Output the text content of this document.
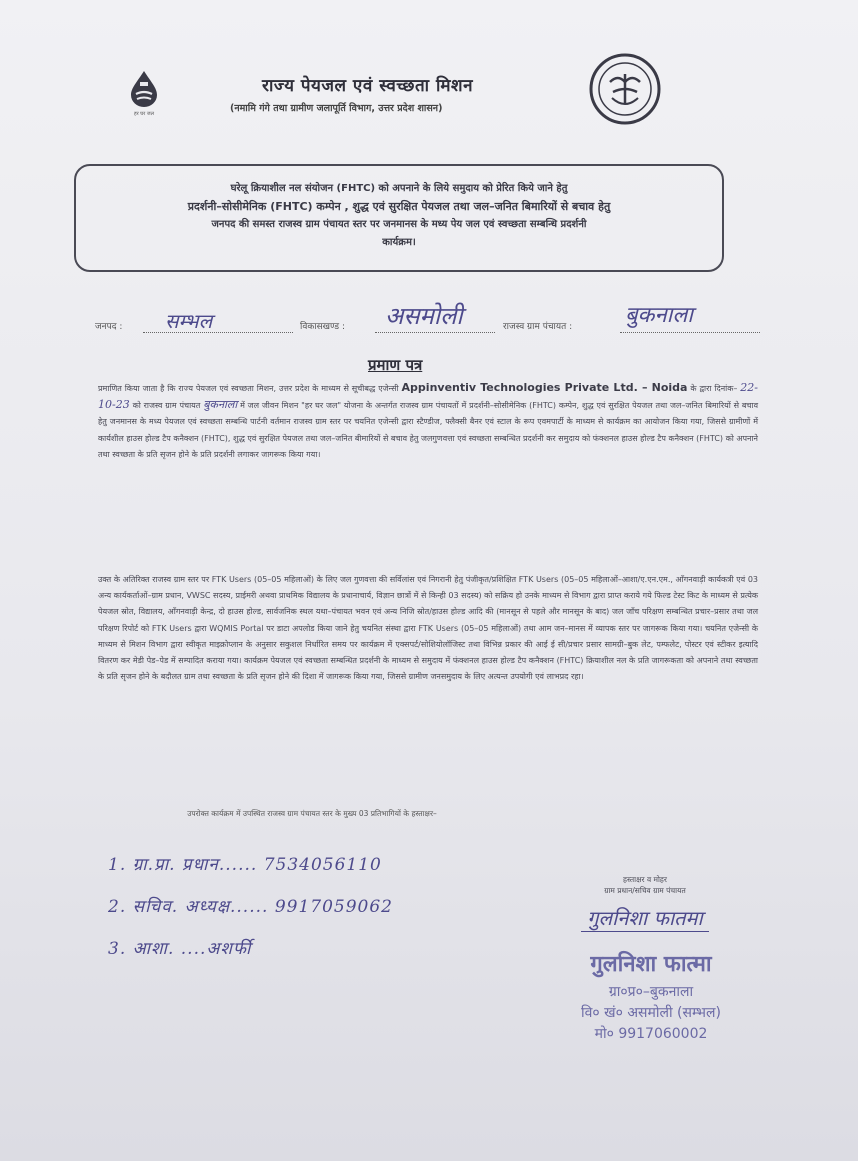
हर घर जल
राज्य पेयजल एवं स्वच्छता मिशन
(नमामि गंगे तथा ग्रामीण जलापूर्ति विभाग, उत्तर प्रदेश शासन)
घरेलू क्रियाशील नल संयोजन (FHTC) को अपनाने के लिये समुदाय को प्रेरित किये जाने हेतु
प्रदर्शनी–सोसीमेनिक (FHTC) कम्पेन , शुद्ध एवं सुरक्षित पेयजल तथा जल–जनित बिमारियों से बचाव हेतु
जनपद की समस्त राजस्व ग्राम पंचायत स्तर पर जनमानस के मध्य पेय जल एवं स्वच्छता सम्बन्धि प्रदर्शनी
कार्यक्रम।
जनपद : सम्भल	विकासखण्ड : असमोली	राजस्व ग्राम पंचायत : बुकनाला
प्रमाण पत्र
प्रमाणित किया जाता है कि राज्य पेयजल एवं स्वच्छता मिशन, उत्तर प्रदेश के माध्यम से सूचीबद्ध एजेन्सी Appinventiv Technologies Private Ltd. – Noida के द्वारा दिनांक– 22-10-23 को राजस्व ग्राम पंचायत बुकनाला में जल जीवन मिशन "हर घर जल" योजना के अन्तर्गत राजस्व ग्राम पंचायतों में प्रदर्शनी–सोसीमेनिक (FHTC) कम्पेन, शुद्ध एवं सुरक्षित पेयजल तथा जल–जनित बिमारियों से बचाव हेतु जनमानस के मध्य पेयजल एवं स्वच्छता सम्बन्धि पार्टनी वर्तमान राजस्व ग्राम स्तर पर चयनित एजेन्सी द्वारा स्टैण्डीज, फ्लैक्सी बैनर एवं स्टाल के रूप एवमपार्टी के माध्यम से कार्यक्रम का आयोजन किया गया, जिससे ग्रामीणों में कार्यशील हाउस होल्ड टैप कनैक्शन (FHTC), शुद्ध एवं सुरक्षित पेयजल तथा जल–जनित बीमारियों से बचाव हेतु जलगुणवत्ता एवं स्वच्छता सम्बन्धित प्रदर्शनी कर समुदाय को फंक्शनल हाउस होल्ड टैप कनैक्शन (FHTC) को अपनाने तथा स्वच्छता के प्रति सृजन होने के प्रति प्रदर्शनी लगाकर जागरूक किया गया।
उक्त के अतिरिक्त राजस्व ग्राम स्तर पर FTK Users (05–05 महिलाओं) के लिए जल गुणवत्ता की सर्विलांस एवं निगरानी हेतु पंजीकृत/प्रशिक्षित FTK Users (05–05 महिलाओं–आशा/ए.एन.एम., आँगनवाड़ी कार्यकत्री एवं 03 अन्य कार्यकर्ताओं–ग्राम प्रधान, VWSC सदस्य, प्राईमरी अथवा प्राथमिक विद्यालय के प्रधानाचार्य, विज्ञान छात्रों में से किन्ही 03 सदस्य) को सक्रिय हो उनके माध्यम से विभाग द्वारा प्राप्त कराये गये फिल्ड टेस्ट किट के माध्यम से प्रत्येक पेयजल स्रोत, विद्यालय, आँगनवाड़ी केन्द्र, दो हाउस होल्ड, सार्वजनिक स्थल यथा–पंचायत भवन एवं अन्य निजि स्रोत/हाउस होल्ड आदि की (मानसून से पहले और मानसून के बाद) जल जाँच परिक्षण सम्बन्धित प्रचार–प्रसार तथा जल परिक्षण रिपोर्ट को FTK Users द्वारा WQMIS Portal पर डाटा अपलोड किया जाने हेतु चयनित संस्था द्वारा FTK Users (05–05 महिलाओं) तथा आम जन–मानस में व्यापक स्तर पर जागरूक किया गया। चयनित एजेन्सी के माध्यम से मिशन विभाग द्वारा स्वीकृत माइक्रोप्लान के अनुसार सकुशल निर्धारित समय पर कार्यक्रम में एक्सपर्ट/सोशियोलॉजिस्ट तथा विभिन्न प्रकार की आई ई सी/प्रचार प्रसार सामग्री–बुक लेट, पम्फलेट, पोस्टर एवं स्टीकर इत्यादि वितरण कर मेडी पेड–पेड में सम्पादित कराया गया। कार्यक्रम पेयजल एवं स्वच्छता सम्बन्धित प्रदर्शनी के माध्यम से समुदाय में फंक्शनल हाउस होल्ड टैप कनैक्शन (FHTC) क्रियाशील नल के प्रति जागरूकता को अपनाने तथा स्वच्छता के प्रति सृजन होने के बदौलत ग्राम तथा स्वच्छता के प्रति सृजन होने की दिशा में जागरूक किया गया, जिससे ग्रामीण जनसमुदाय के लिए अत्यन्त उपयोगी एवं लाभप्रद रहा।
उपरोक्त कार्यक्रम में उपस्थित राजस्व ग्राम पंचायत स्तर के मुख्य 03 प्रतिभागियों के हस्ताक्षर–
1. ग्रा.प्रा. प्रधान...... 7534056110
2. सचिव. अध्यक्ष...... 9917059062
3. आशा. ....अशर्फी
हस्ताक्षर व मोहर
ग्राम प्रधान/सचिव ग्राम पंचायत
गुलनिशा फातमा
गुलनिशा फात्मा
ग्रा०प्र०–बुकनाला
वि० खं० असमोली (सम्भल)
मो० 9917060002
